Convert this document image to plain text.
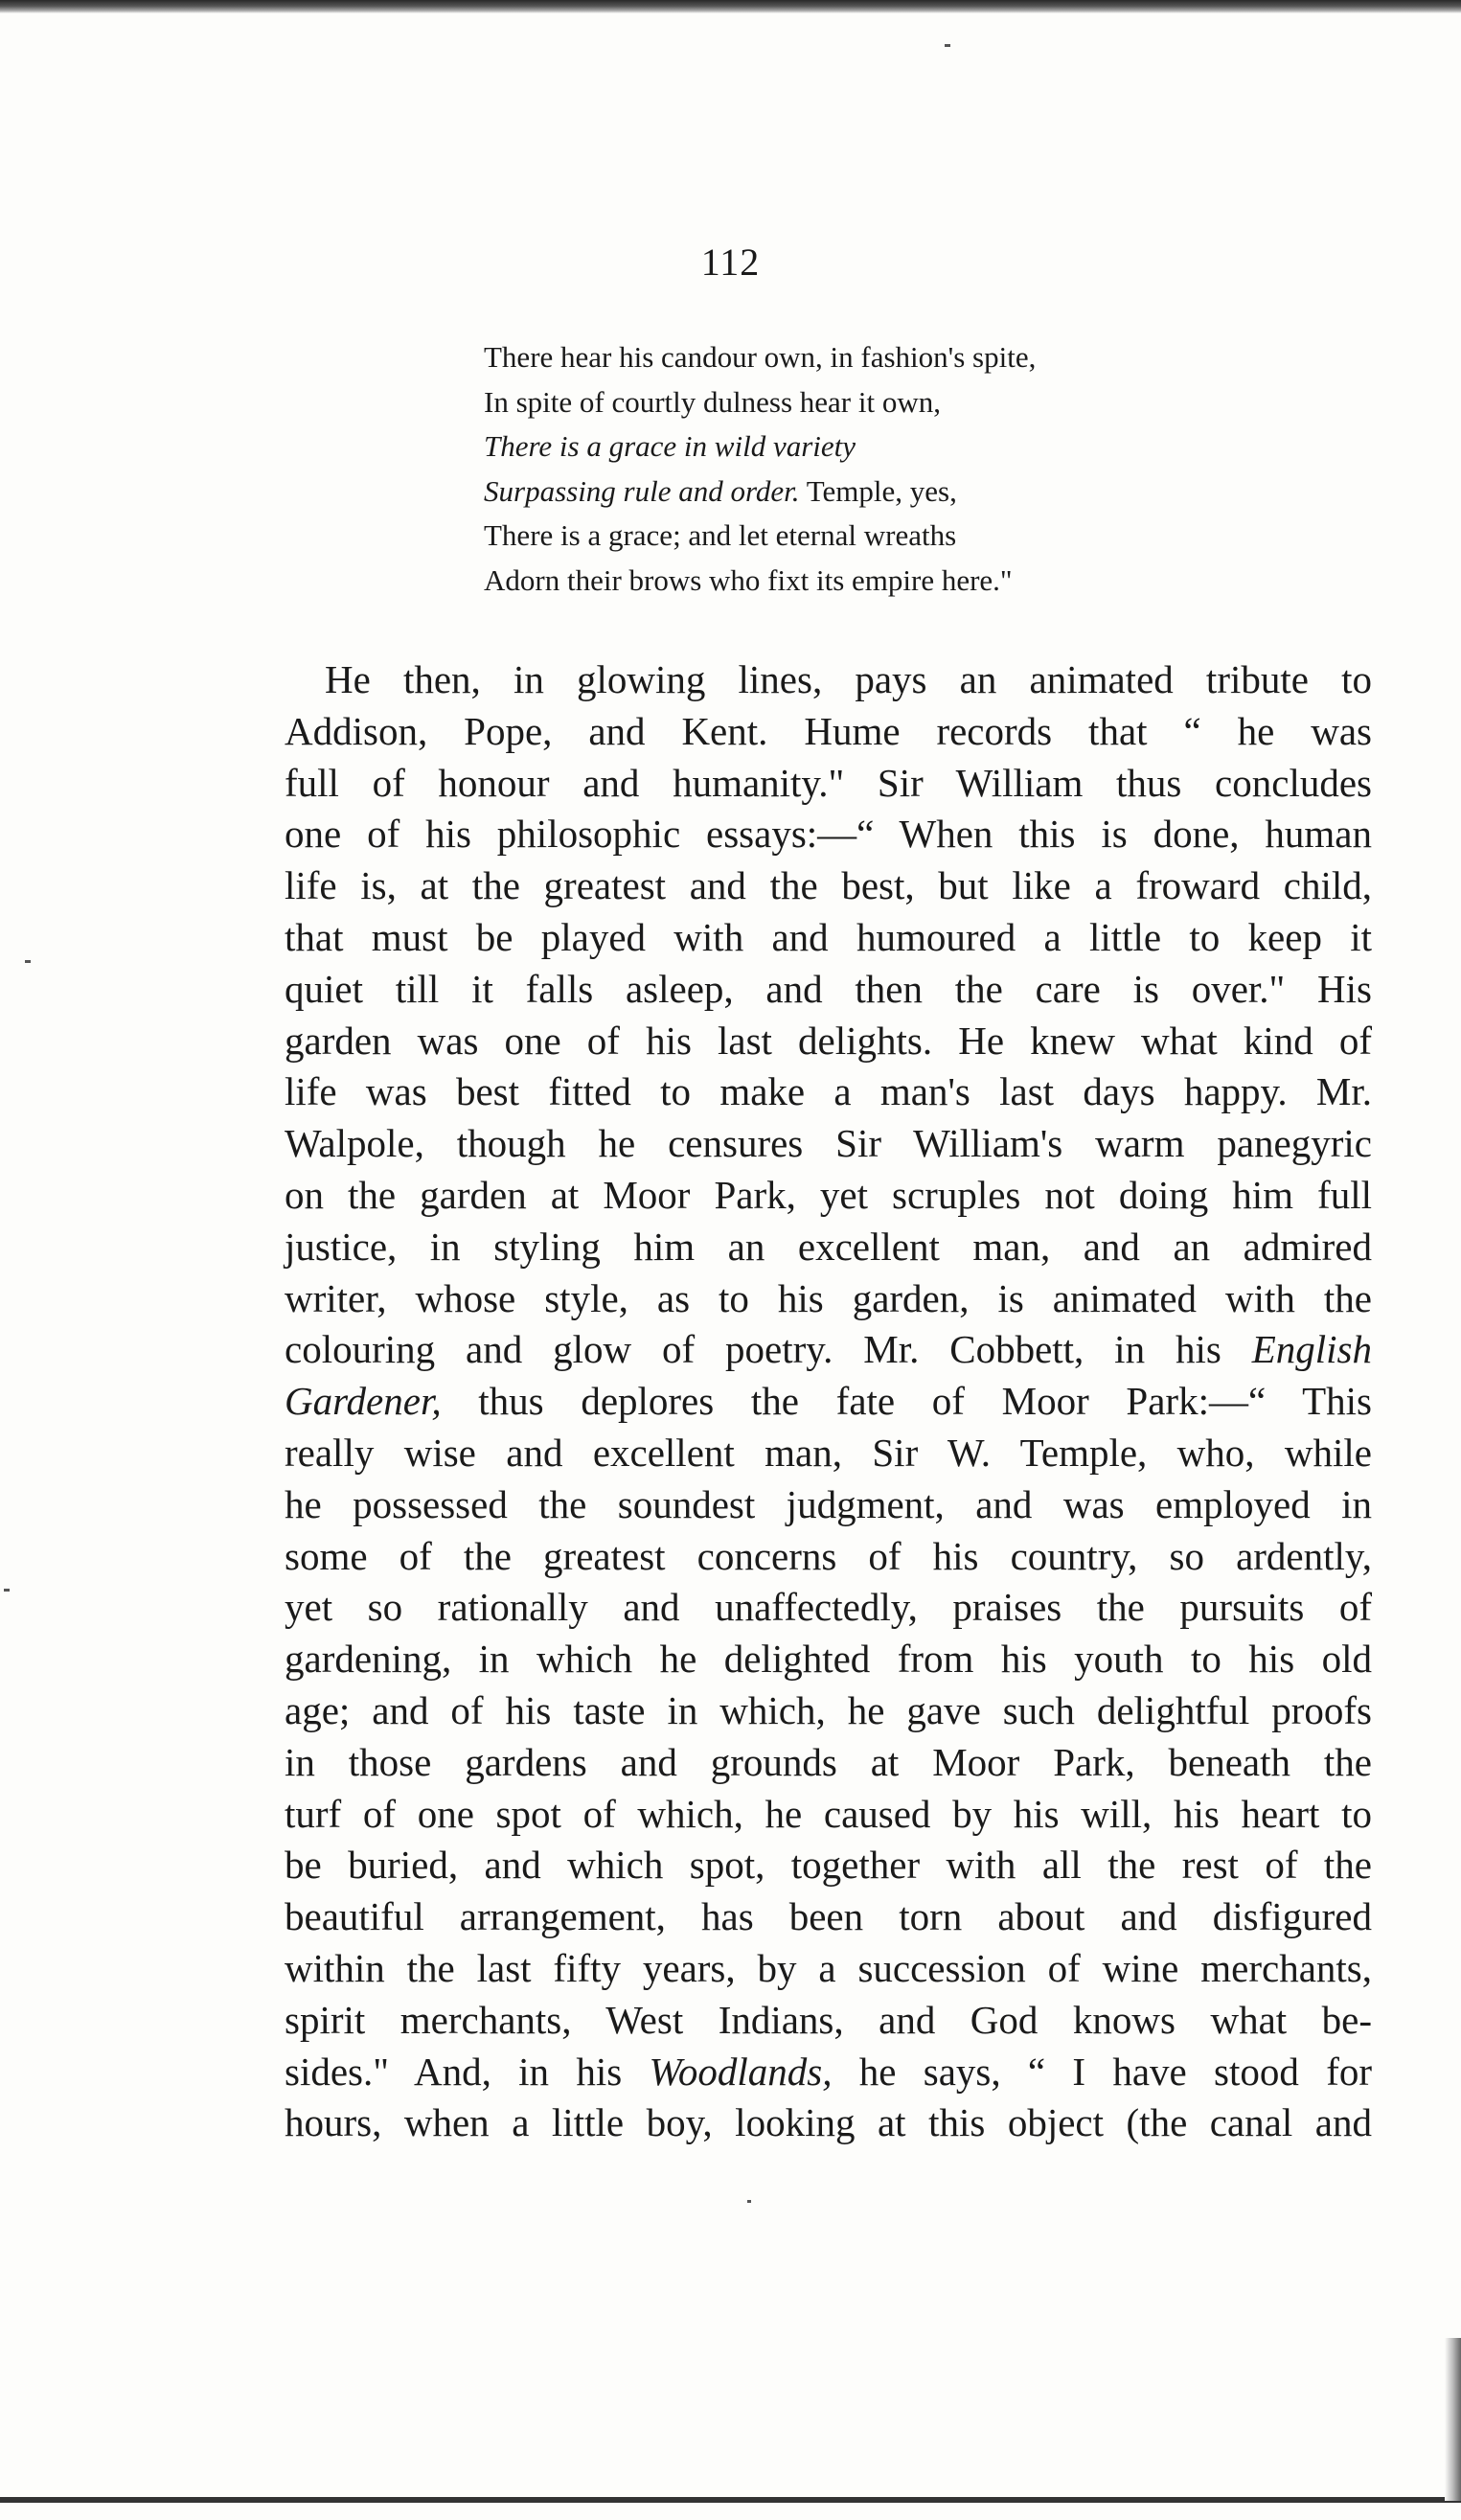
112
There hear his candour own, in fashion's spite,
In spite of courtly dulness hear it own,
There is a grace in wild variety
Surpassing rule and order. Temple, yes,
There is a grace; and let eternal wreaths
Adorn their brows who fixt its empire here."
He then, in glowing lines, pays an animated tribute to
Addison, Pope, and Kent. Hume records that “ he was
full of honour and humanity." Sir William thus concludes
one of his philosophic essays:—“ When this is done, human
life is, at the greatest and the best, but like a froward child,
that must be played with and humoured a little to keep it
quiet till it falls asleep, and then the care is over." His
garden was one of his last delights. He knew what kind of
life was best fitted to make a man's last days happy. Mr.
Walpole, though he censures Sir William's warm panegyric
on the garden at Moor Park, yet scruples not doing him full
justice, in styling him an excellent man, and an admired
writer, whose style, as to his garden, is animated with the
colouring and glow of poetry. Mr. Cobbett, in his English
Gardener, thus deplores the fate of Moor Park:—“ This
really wise and excellent man, Sir W. Temple, who, while
he possessed the soundest judgment, and was employed in
some of the greatest concerns of his country, so ardently,
yet so rationally and unaffectedly, praises the pursuits of
gardening, in which he delighted from his youth to his old
age; and of his taste in which, he gave such delightful proofs
in those gardens and grounds at Moor Park, beneath the
turf of one spot of which, he caused by his will, his heart to
be buried, and which spot, together with all the rest of the
beautiful arrangement, has been torn about and disfigured
within the last fifty years, by a succession of wine merchants,
spirit merchants, West Indians, and God knows what be-
sides." And, in his Woodlands, he says, “ I have stood for
hours, when a little boy, looking at this object (the canal and
